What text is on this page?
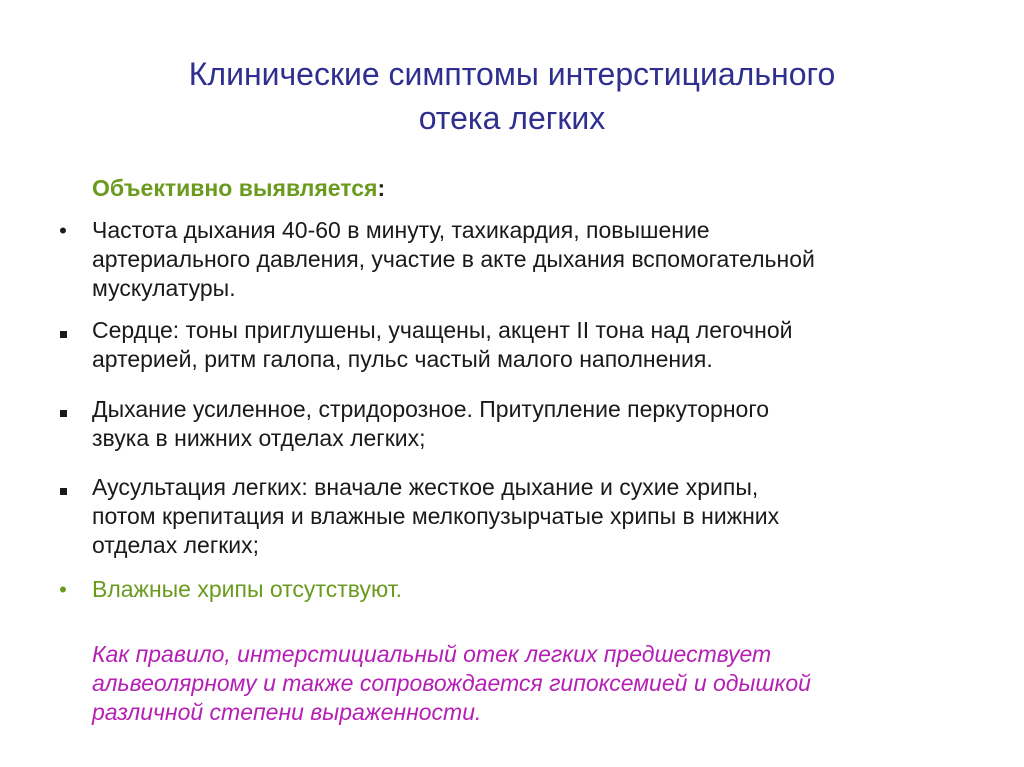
Клинические симптомы интерстициального
отека легких
Объективно выявляется:
•	Частота дыхания 40-60 в минуту, тахикардия, повышение
артериального давления, участие в акте дыхания вспомогательной
мускулатуры.
Сердце: тоны приглушены, учащены, акцент II тона над легочной
артерией, ритм галопа, пульс частый малого наполнения.
Дыхание усиленное, стридорозное. Притупление перкуторного
звука в нижних отделах легких;
Аусультация легких: вначале жесткое дыхание и сухие хрипы,
потом крепитация и влажные мелкопузырчатые хрипы в нижних
отделах легких;
•	Влажные хрипы отсутствуют.
Как правило, интерстициальный отек легких предшествует
альвеолярному и также сопровождается гипоксемией и одышкой
различной степени выраженности.
